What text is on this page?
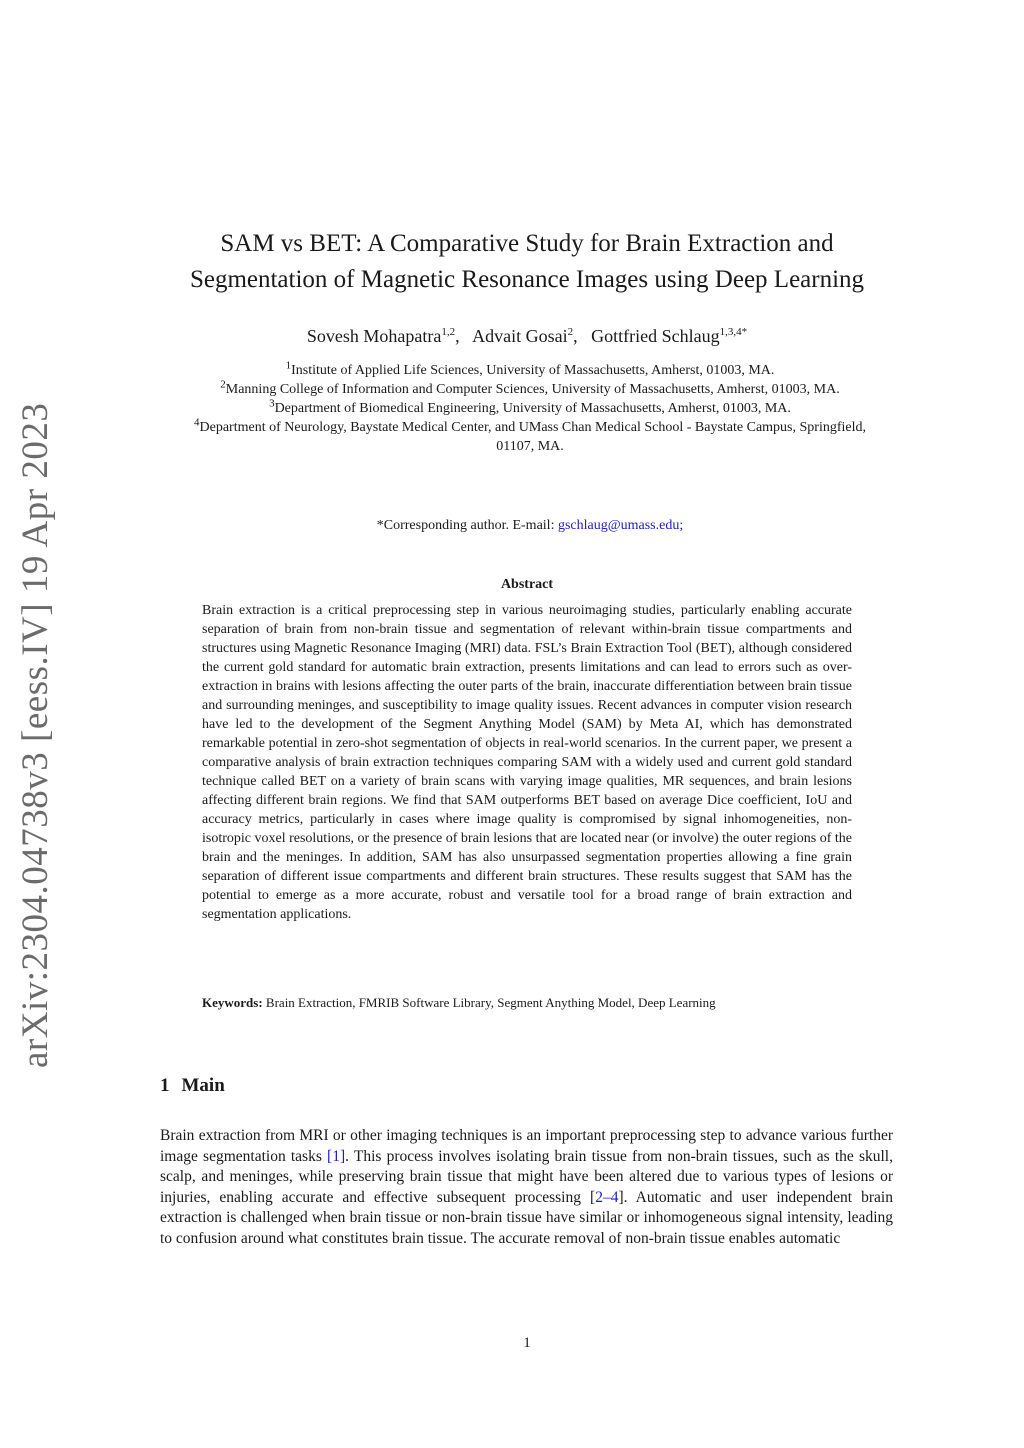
arXiv:2304.04738v3 [eess.IV] 19 Apr 2023
SAM vs BET: A Comparative Study for Brain Extraction and
Segmentation of Magnetic Resonance Images using Deep Learning
Sovesh Mohapatra$^{1,2}$,   Advait Gosai$^2$,   Gottfried Schlaug$^{1,3,4*}$
$^1$Institute of Applied Life Sciences, University of Massachusetts, Amherst, 01003, MA.
$^2$Manning College of Information and Computer Sciences, University of Massachusetts, Amherst, 01003, MA.
$^3$Department of Biomedical Engineering, University of Massachusetts, Amherst, 01003, MA.
$^4$Department of Neurology, Baystate Medical Center, and UMass Chan Medical School - Baystate Campus, Springfield, 01107, MA.
*Corresponding author. E-mail: gschlaug@umass.edu;
Abstract
Brain extraction is a critical preprocessing step in various neuroimaging studies, particularly enabling accurate separation of brain from non-brain tissue and segmentation of relevant within-brain tissue compartments and structures using Magnetic Resonance Imaging (MRI) data. FSL’s Brain Extraction Tool (BET), although considered the current gold standard for automatic brain extraction, presents limitations and can lead to errors such as over-extraction in brains with lesions affecting the outer parts of the brain, inaccurate differentiation between brain tissue and surrounding meninges, and susceptibility to image quality issues. Recent advances in computer vision research have led to the development of the Segment Anything Model (SAM) by Meta AI, which has demonstrated remarkable potential in zero-shot segmentation of objects in real-world scenarios. In the current paper, we present a comparative analysis of brain extraction techniques comparing SAM with a widely used and current gold standard technique called BET on a variety of brain scans with varying image qualities, MR sequences, and brain lesions affecting different brain regions. We find that SAM outperforms BET based on average Dice coefficient, IoU and accuracy metrics, particularly in cases where image quality is compromised by signal inhomogeneities, non-isotropic voxel resolutions, or the presence of brain lesions that are located near (or involve) the outer regions of the brain and the meninges. In addition, SAM has also unsurpassed segmentation properties allowing a fine grain separation of different issue compartments and different brain structures. These results suggest that SAM has the potential to emerge as a more accurate, robust and versatile tool for a broad range of brain extraction and segmentation applications.
Keywords: Brain Extraction, FMRIB Software Library, Segment Anything Model, Deep Learning
1 Main
Brain extraction from MRI or other imaging techniques is an important preprocessing step to advance various further image segmentation tasks [1]. This process involves isolating brain tissue from non-brain tissues, such as the skull, scalp, and meninges, while preserving brain tissue that might have been altered due to various types of lesions or injuries, enabling accurate and effective subsequent processing [2–4]. Automatic and user independent brain extraction is challenged when brain tissue or non-brain tissue have similar or inhomogeneous signal intensity, leading to confusion around what constitutes brain tissue. The accurate removal of non-brain tissue enables automatic
1
